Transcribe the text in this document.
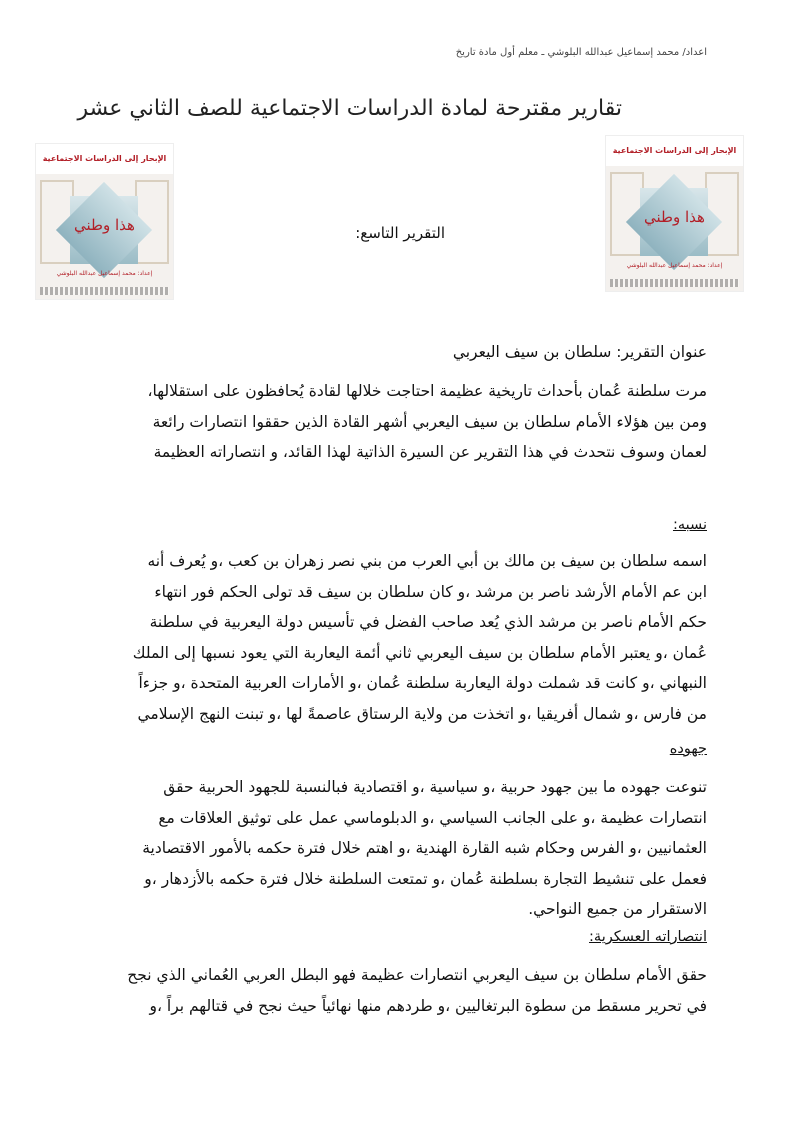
اعداد/ محمد إسماعيل عبدالله البلوشي ـ معلم أول مادة تاريخ
تقارير مقترحة لمادة الدراسات الاجتماعية للصف الثاني عشر
الإبحار إلى الدراسات الاجتماعية
هذا وطني
إعداد: محمد إسماعيل عبدالله البلوشي
الإبحار إلى الدراسات الاجتماعية
هذا وطني
إعداد: محمد إسماعيل عبدالله البلوشي
التقرير التاسع:
عنوان التقرير: سلطان بن سيف اليعربي
مرت سلطنة عُمان بأحداث تاريخية عظيمة احتاجت خلالها لقادة يُحافظون على استقلالها،
ومن بين هؤلاء الأمام سلطان بن سيف اليعربي أشهر القادة الذين حققوا انتصارات رائعة
لعمان وسوف نتحدث في هذا التقرير عن السيرة الذاتية لهذا القائد، و انتصاراته العظيمة
نسبه:
اسمه سلطان بن سيف بن مالك بن أبي العرب من بني نصر زهران بن كعب ،و يُعرف أنه
ابن عم الأمام الأرشد ناصر بن مرشد ،و كان سلطان بن سيف قد تولى الحكم فور انتهاء
حكم الأمام ناصر بن مرشد الذي يُعد صاحب الفضل في تأسيس دولة اليعربية في سلطنة
عُمان ،و يعتبر الأمام سلطان بن سيف اليعربي ثاني أئمة اليعاربة التي يعود نسبها إلى الملك
النبهاني ،و كانت قد شملت دولة اليعاربة سلطنة عُمان ،و الأمارات العربية المتحدة ،و جزءاً
من فارس ،و شمال أفريقيا ،و اتخذت من ولاية الرستاق عاصمةً لها ،و تبنت النهج الإسلامي
جهوده
تنوعت جهوده ما بين جهود حربية ،و سياسية ،و اقتصادية فبالنسبة للجهود الحربية حقق
انتصارات عظيمة ،و على الجانب السياسي ،و الدبلوماسي عمل على توثيق العلاقات مع
العثمانيين ،و الفرس وحكام شبه القارة الهندية ،و اهتم خلال فترة حكمه بالأمور الاقتصادية
فعمل على تنشيط التجارة بسلطنة عُمان ،و تمتعت السلطنة خلال فترة حكمه بالأزدهار ،و
الاستقرار من جميع النواحي.
انتصاراته العسكرية:
حقق الأمام سلطان بن سيف اليعربي انتصارات عظيمة فهو البطل العربي العُماني الذي نجح
في تحرير مسقط من سطوة البرتغاليين ،و طردهم منها نهائياً حيث نجح في قتالهم براً ،و
